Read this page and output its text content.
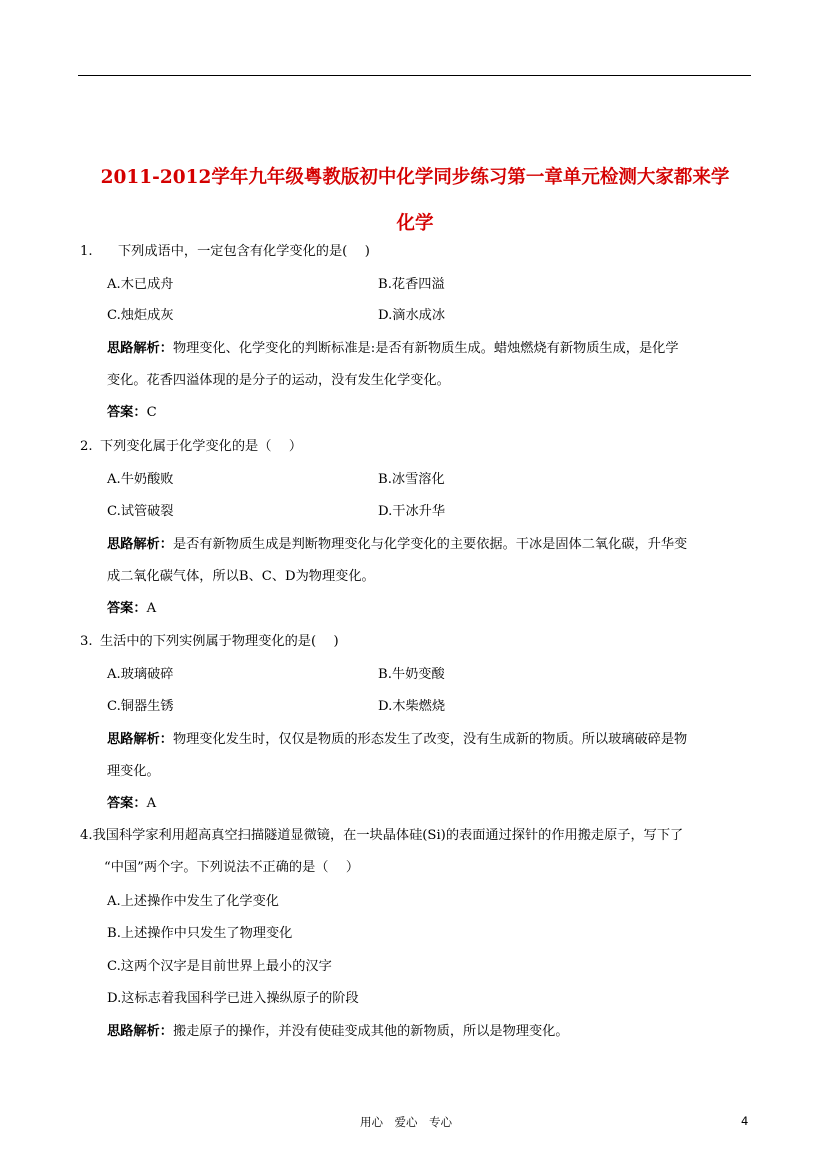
2011-2012学年九年级粤教版初中化学同步练习第一章单元检测大家都来学化学
1. 下列成语中，一定包含有化学变化的是(　 )
A.木已成舟	B.花香四溢
C.烛炬成灰	D.滴水成冰
思路解析：物理变化、化学变化的判断标准是:是否有新物质生成。蜡烛燃烧有新物质生成，是化学
变化。花香四溢体现的是分子的运动，没有发生化学变化。
答案：C
2. 下列变化属于化学变化的是（　 ）
A.牛奶酸败	B.冰雪溶化
C.试管破裂	D.干冰升华
思路解析：是否有新物质生成是判断物理变化与化学变化的主要依据。干冰是固体二氧化碳，升华变
成二氧化碳气体，所以B、C、D为物理变化。
答案：A
3. 生活中的下列实例属于物理变化的是(　 )
A.玻璃破碎	B.牛奶变酸
C.铜器生锈	D.木柴燃烧
思路解析：物理变化发生时，仅仅是物质的形态发生了改变，没有生成新的物质。所以玻璃破碎是物
理变化。
答案：A
4.我国科学家利用超高真空扫描隧道显微镜，在一块晶体硅(Si)的表面通过探针的作用搬走原子，写下了
“中国”两个字。下列说法不正确的是（　 ）
A.上述操作中发生了化学变化
B.上述操作中只发生了物理变化
C.这两个汉字是目前世界上最小的汉字
D.这标志着我国科学已进入操纵原子的阶段
思路解析：搬走原子的操作，并没有使硅变成其他的新物质，所以是物理变化。
用心　爱心　专心	4
